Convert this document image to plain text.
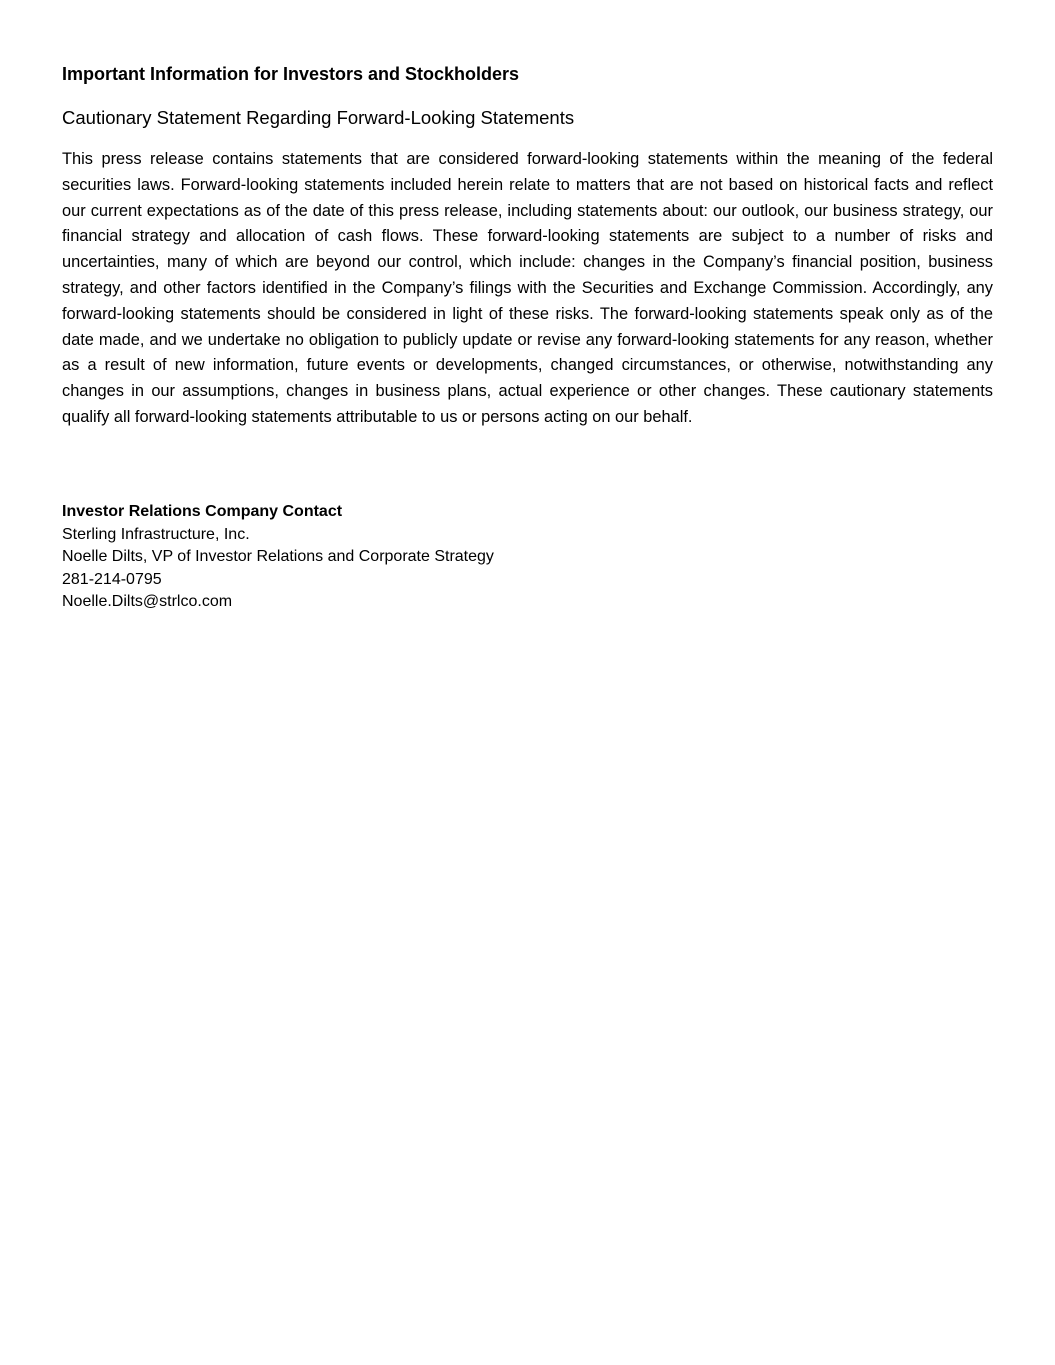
Important Information for Investors and Stockholders
Cautionary Statement Regarding Forward-Looking Statements

This press release contains statements that are considered forward-looking statements within the meaning of the federal securities laws. Forward-looking statements included herein relate to matters that are not based on historical facts and reflect our current expectations as of the date of this press release, including statements about: our outlook, our business strategy, our financial strategy and allocation of cash flows. These forward-looking statements are subject to a number of risks and uncertainties, many of which are beyond our control, which include: changes in the Company’s financial position, business strategy, and other factors identified in the Company’s filings with the Securities and Exchange Commission. Accordingly, any forward-looking statements should be considered in light of these risks. The forward-looking statements speak only as of the date made, and we undertake no obligation to publicly update or revise any forward-looking statements for any reason, whether as a result of new information, future events or developments, changed circumstances, or otherwise, notwithstanding any changes in our assumptions, changes in business plans, actual experience or other changes. These cautionary statements qualify all forward-looking statements attributable to us or persons acting on our behalf.

Investor Relations Company Contact
Sterling Infrastructure, Inc.
Noelle Dilts, VP of Investor Relations and Corporate Strategy
281-214-0795
Noelle.Dilts@strlco.com
